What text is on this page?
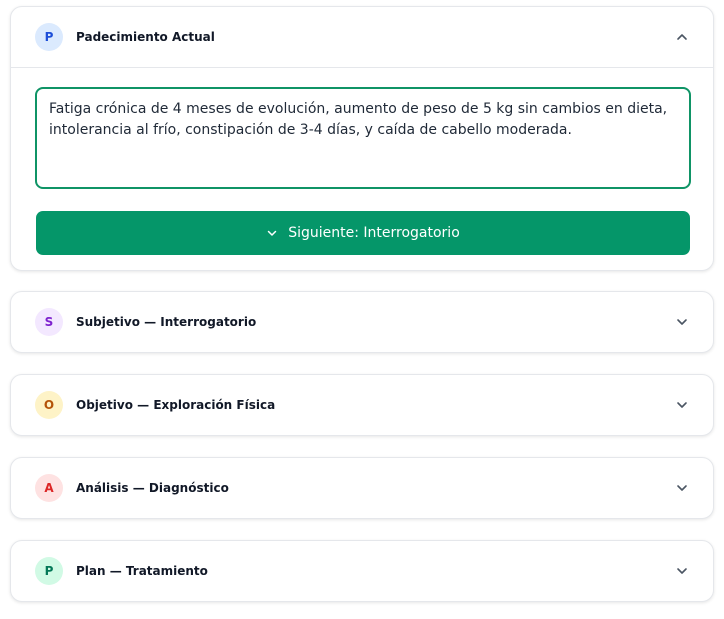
P	Padecimiento Actual
Fatiga crónica de 4 meses de evolución, aumento de peso de 5 kg sin cambios en dieta, intolerancia al frío, constipación de 3-4 días, y caída de cabello moderada.
Siguiente: Interrogatorio
S	Subjetivo — Interrogatorio
O	Objetivo — Exploración Física
A	Análisis — Diagnóstico
P	Plan — Tratamiento
